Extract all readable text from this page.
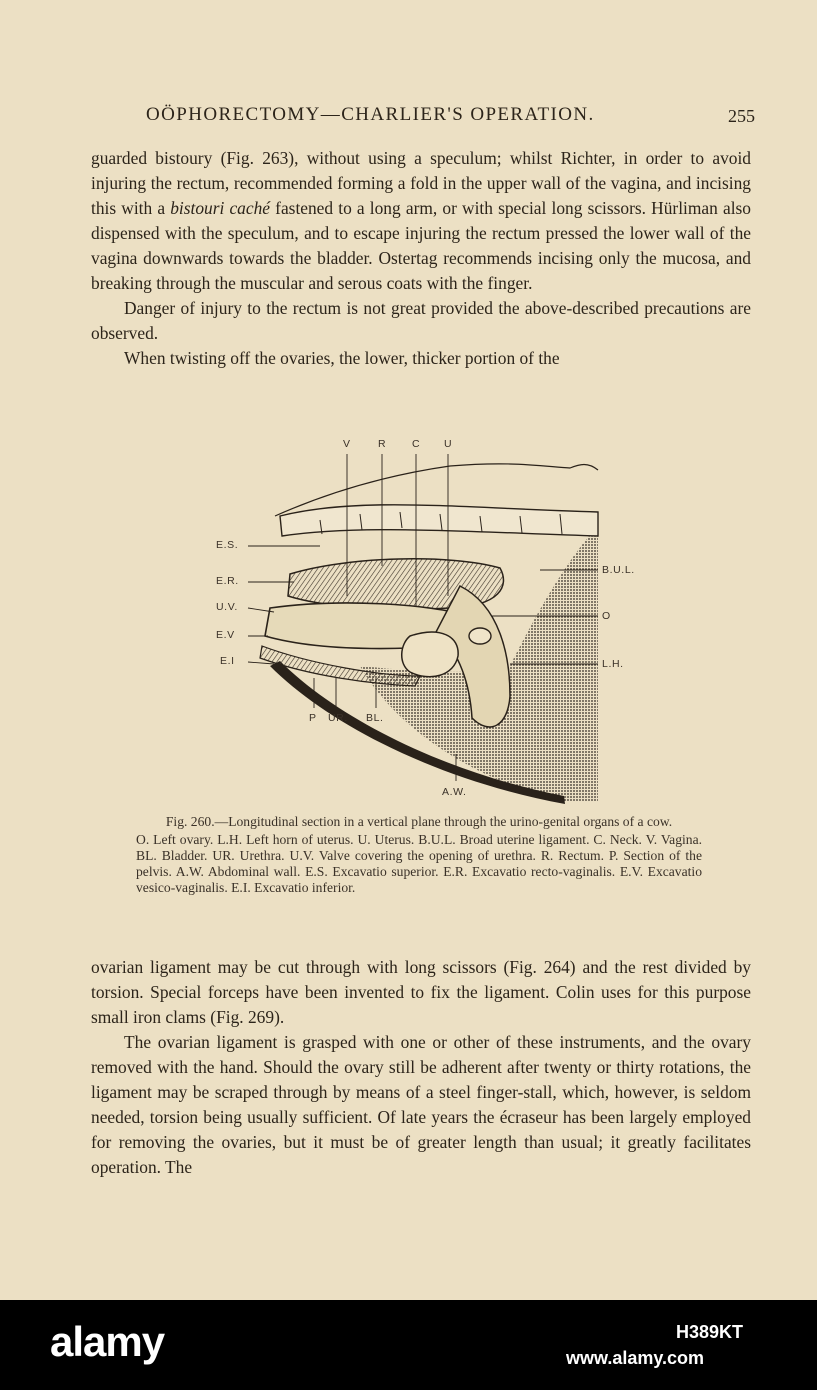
OÖPHORECTOMY—CHARLIER'S OPERATION.	255

guarded bistoury (Fig. 263), without using a speculum; whilst Richter, in order to avoid injuring the rectum, recommended forming a fold in the upper wall of the vagina, and incising this with a bistouri caché fastened to a long arm, or with special long scissors. Hürliman also dispensed with the speculum, and to escape injuring the rectum pressed the lower wall of the vagina downwards towards the bladder. Ostertag recommends incising only the mucosa, and breaking through the muscular and serous coats with the finger.

Danger of injury to the rectum is not great provided the above-described precautions are observed.

When twisting off the ovaries, the lower, thicker portion of the

V	R C U
E.S.
E.R.
U.V.
E.V
E.I
B.U.L.
O
L.H.
P UR. BL.
A.W.

Fig. 260.—Longitudinal section in a vertical plane through the urino-genital organs of a cow.

O. Left ovary. L.H. Left horn of uterus. U. Uterus. B.U.L. Broad uterine ligament. C. Neck. V. Vagina. BL. Bladder. UR. Urethra. U.V. Valve covering the opening of urethra. R. Rectum. P. Section of the pelvis. A.W. Abdominal wall. E.S. Excavatio superior. E.R. Excavatio recto-vaginalis. E.V. Excavatio vesico-vaginalis. E.I. Excavatio inferior.

ovarian ligament may be cut through with long scissors (Fig. 264) and the rest divided by torsion. Special forceps have been invented to fix the ligament. Colin uses for this purpose small iron clams (Fig. 269).

The ovarian ligament is grasped with one or other of these instruments, and the ovary removed with the hand. Should the ovary still be adherent after twenty or thirty rotations, the ligament may be scraped through by means of a steel finger-stall, which, however, is seldom needed, torsion being usually sufficient. Of late years the écraseur has been largely employed for removing the ovaries, but it must be of greater length than usual; it greatly facilitates operation. The

alamy	H389KT
www.alamy.com
